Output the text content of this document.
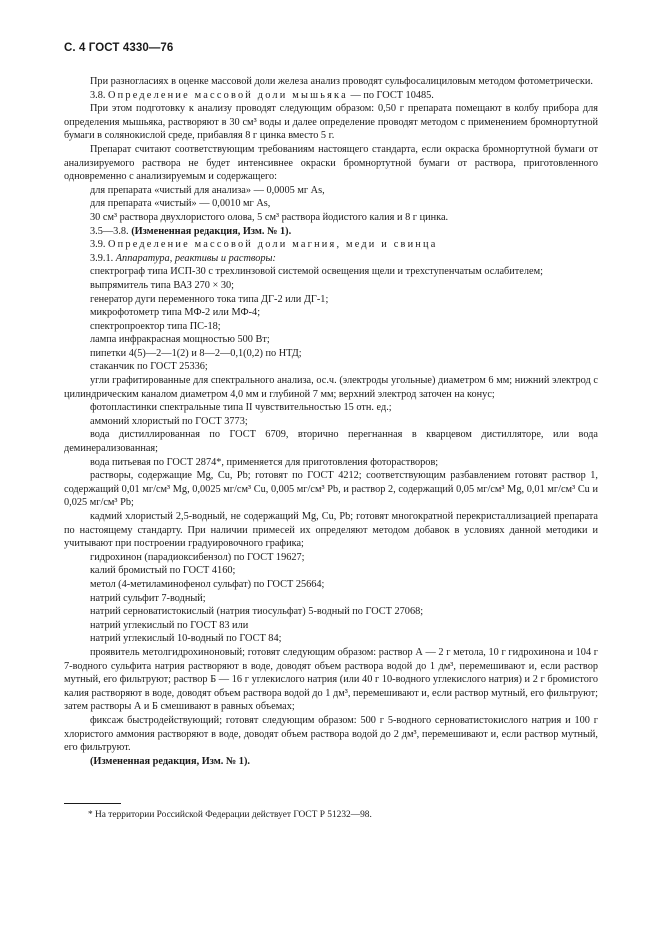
С. 4 ГОСТ 4330—76

При разногласиях в оценке массовой доли железа анализ проводят сульфосалициловым методом фотометрически.

3.8. Определение массовой доли мышьяка — по ГОСТ 10485.

При этом подготовку к анализу проводят следующим образом: 0,50 г препарата помещают в колбу прибора для определения мышьяка, растворяют в 30 см³ воды и далее определение проводят методом с применением бромнортутной бумаги в солянокислой среде, прибавляя 8 г цинка вместо 5 г.

Препарат считают соответствующим требованиям настоящего стандарта, если окраска бромнортутной бумаги от анализируемого раствора не будет интенсивнее окраски бромнортутной бумаги от раствора, приготовленного одновременно с анализируемым и содержащего:

для препарата «чистый для анализа» — 0,0005 мг As,

для препарата «чистый» — 0,0010 мг As,

30 см³ раствора двухлористого олова, 5 см³ раствора йодистого калия и 8 г цинка.

3.5—3.8. (Измененная редакция, Изм. № 1).

3.9. Определение массовой доли магния, меди и свинца

3.9.1. Аппаратура, реактивы и растворы:

спектрограф типа ИСП-30 с трехлинзовой системой освещения щели и трехступенчатым ослабителем;

выпрямитель типа ВАЗ 270 × 30;

генератор дуги переменного тока типа ДГ-2 или ДГ-1;

микрофотометр типа МФ-2 или МФ-4;

спектропроектор типа ПС-18;

лампа инфракрасная мощностью 500 Вт;

пипетки 4(5)—2—1(2) и 8—2—0,1(0,2) по НТД;

стаканчик по ГОСТ 25336;

угли графитированные для спектрального анализа, ос.ч. (электроды угольные) диаметром 6 мм; нижний электрод с цилиндрическим каналом диаметром 4,0 мм и глубиной 7 мм; верхний электрод заточен на конус;

фотопластинки спектральные типа II чувствительностью 15 отн. ед.;

аммоний хлористый по ГОСТ 3773;

вода дистиллированная по ГОСТ 6709, вторично перегнанная в кварцевом дистилляторе, или вода деминерализованная;

вода питьевая по ГОСТ 2874*, применяется для приготовления фоторастворов;

растворы, содержащие Mg, Cu, Pb; готовят по ГОСТ 4212; соответствующим разбавлением готовят раствор 1, содержащий 0,01 мг/см³ Mg, 0,0025 мг/см³ Cu, 0,005 мг/см³ Pb, и раствор 2, содержащий 0,05 мг/см³ Mg, 0,01 мг/см³ Cu и 0,025 мг/см³ Pb;

кадмий хлористый 2,5-водный, не содержащий Mg, Cu, Pb; готовят многократной перекристаллизацией препарата по настоящему стандарту. При наличии примесей их определяют методом добавок в условиях данной методики и учитывают при построении градуировочного графика;

гидрохинон (парадиоксибензол) по ГОСТ 19627;

калий бромистый по ГОСТ 4160;

метол (4-метиламинофенол сульфат) по ГОСТ 25664;

натрий сульфит 7-водный;

натрий серноватистокислый (натрия тиосульфат) 5-водный по ГОСТ 27068;

натрий углекислый по ГОСТ 83 или

натрий углекислый 10-водный по ГОСТ 84;

проявитель метолгидрохиноновый; готовят следующим образом: раствор А — 2 г метола, 10 г гидрохинона и 104 г 7-водного сульфита натрия растворяют в воде, доводят объем раствора водой до 1 дм³, перемешивают и, если раствор мутный, его фильтруют; раствор Б — 16 г углекислого натрия (или 40 г 10-водного углекислого натрия) и 2 г бромистого калия растворяют в воде, доводят объем раствора водой до 1 дм³, перемешивают и, если раствор мутный, его фильтруют; затем растворы А и Б смешивают в равных объемах;

фиксаж быстродействующий; готовят следующим образом: 500 г 5-водного серноватистокислого натрия и 100 г хлористого аммония растворяют в воде, доводят объем раствора водой до 2 дм³, перемешивают и, если раствор мутный, его фильтруют.

(Измененная редакция, Изм. № 1).

* На территории Российской Федерации действует ГОСТ Р 51232—98.
